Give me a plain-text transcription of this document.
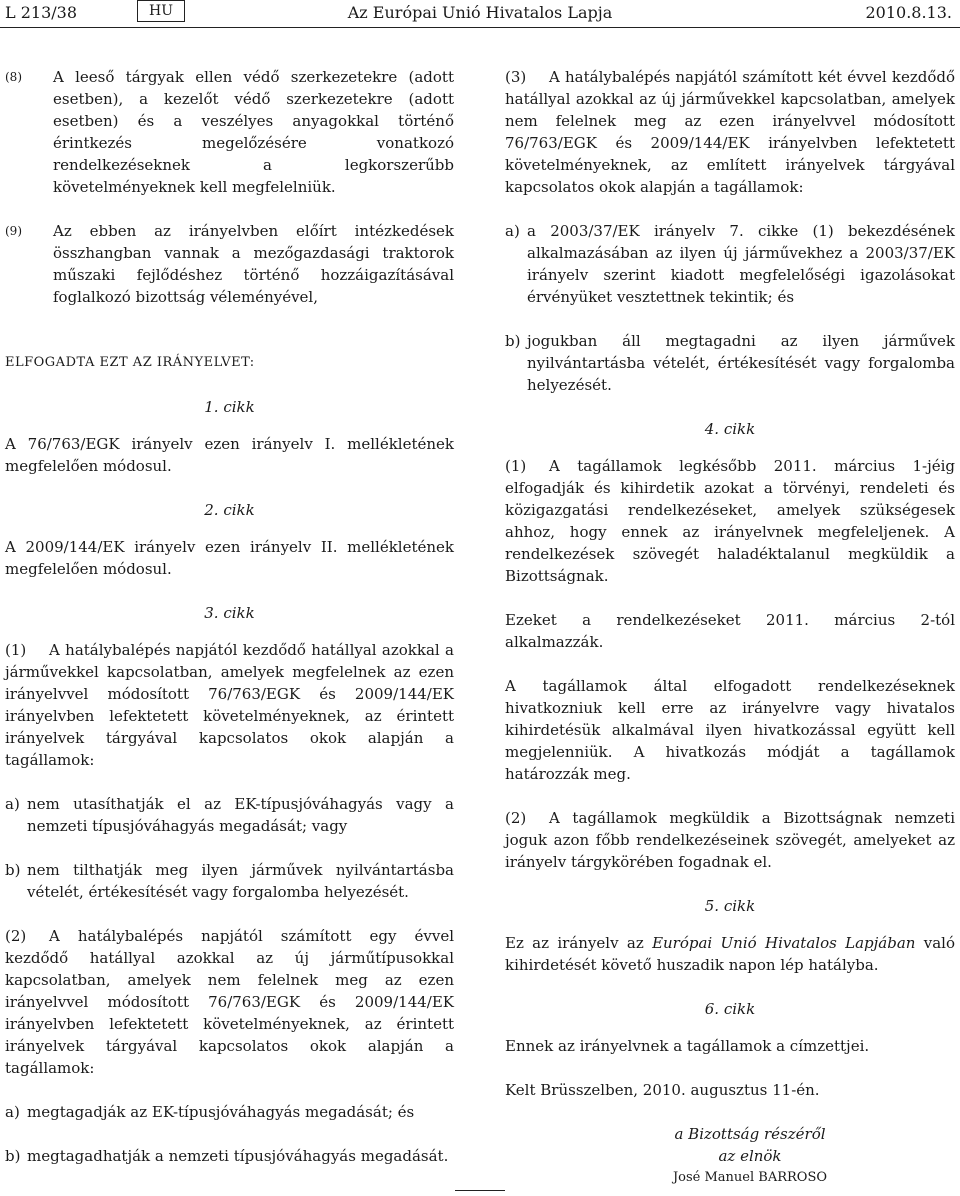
L 213/38	HU	Az Európai Unió Hivatalos Lapja	2010.8.13.
(8)	A leeső tárgyak ellen védő szerkezetekre (adott esetben), a kezelőt védő szerkezetekre (adott esetben) és a veszélyes anyagokkal történő érintkezés megelőzésére vonatkozó rendelkezéseknek a legkorszerűbb követelményeknek kell megfelelniük.
(9)	Az ebben az irányelvben előírt intézkedések összhangban vannak a mezőgazdasági traktorok műszaki fejlődéshez történő hozzáigazításával foglalkozó bizottság véleményével,
ELFOGADTA EZT AZ IRÁNYELVET:
1. cikk

A 76/763/EGK irányelv ezen irányelv I. mellékletének megfelelően módosul.

2. cikk

A 2009/144/EK irányelv ezen irányelv II. mellékletének megfelelően módosul.

3. cikk

(1) A hatálybalépés napjától kezdődő hatállyal azokkal a járművekkel kapcsolatban, amelyek megfelelnek az ezen irányelvvel módosított 76/763/EGK és 2009/144/EK irányelvben lefektetett követelményeknek, az érintett irányelvek tárgyával kapcsolatos okok alapján a tagállamok:

a) nem utasíthatják el az EK-típusjóváhagyás vagy a nemzeti típusjóváhagyás megadását; vagy
b) nem tilthatják meg ilyen járművek nyilvántartásba vételét, értékesítését vagy forgalomba helyezését.

(2) A hatálybalépés napjától számított egy évvel kezdődő hatállyal azokkal az új járműtípusokkal kapcsolatban, amelyek nem felelnek meg az ezen irányelvvel módosított 76/763/EGK és 2009/144/EK irányelvben lefektetett követelményeknek, az érintett irányelvek tárgyával kapcsolatos okok alapján a tagállamok:

a) megtagadják az EK-típusjóváhagyás megadását; és
b) megtagadhatják a nemzeti típusjóváhagyás megadását.

(3) A hatálybalépés napjától számított két évvel kezdődő hatállyal azokkal az új járművekkel kapcsolatban, amelyek nem felelnek meg az ezen irányelvvel módosított 76/763/EGK és 2009/144/EK irányelvben lefektetett követelményeknek, az említett irányelvek tárgyával kapcsolatos okok alapján a tagállamok:

a) a 2003/37/EK irányelv 7. cikke (1) bekezdésének alkalmazásában az ilyen új járművekhez a 2003/37/EK irányelv szerint kiadott megfelelőségi igazolásokat érvényüket vesztettnek tekintik; és
b) jogukban áll megtagadni az ilyen járművek nyilvántartásba vételét, értékesítését vagy forgalomba helyezését.
4. cikk

(1) A tagállamok legkésőbb 2011. március 1-jéig elfogadják és kihirdetik azokat a törvényi, rendeleti és közigazgatási rendelkezéseket, amelyek szükségesek ahhoz, hogy ennek az irányelvnek megfeleljenek. A rendelkezések szövegét haladéktalanul megküldik a Bizottságnak.

Ezeket a rendelkezéseket 2011. március 2-tól alkalmazzák.

A tagállamok által elfogadott rendelkezéseknek hivatkozniuk kell erre az irányelvre vagy hivatalos kihirdetésük alkalmával ilyen hivatkozással együtt kell megjelenniük. A hivatkozás módját a tagállamok határozzák meg.

(2) A tagállamok megküldik a Bizottságnak nemzeti joguk azon főbb rendelkezéseinek szövegét, amelyeket az irányelv tárgykörében fogadnak el.

5. cikk

Ez az irányelv az Európai Unió Hivatalos Lapjában való kihirdetését követő huszadik napon lép hatályba.

6. cikk

Ennek az irányelvnek a tagállamok a címzettjei.

Kelt Brüsszelben, 2010. augusztus 11-én.

a Bizottság részéről
az elnök
José Manuel BARROSO
